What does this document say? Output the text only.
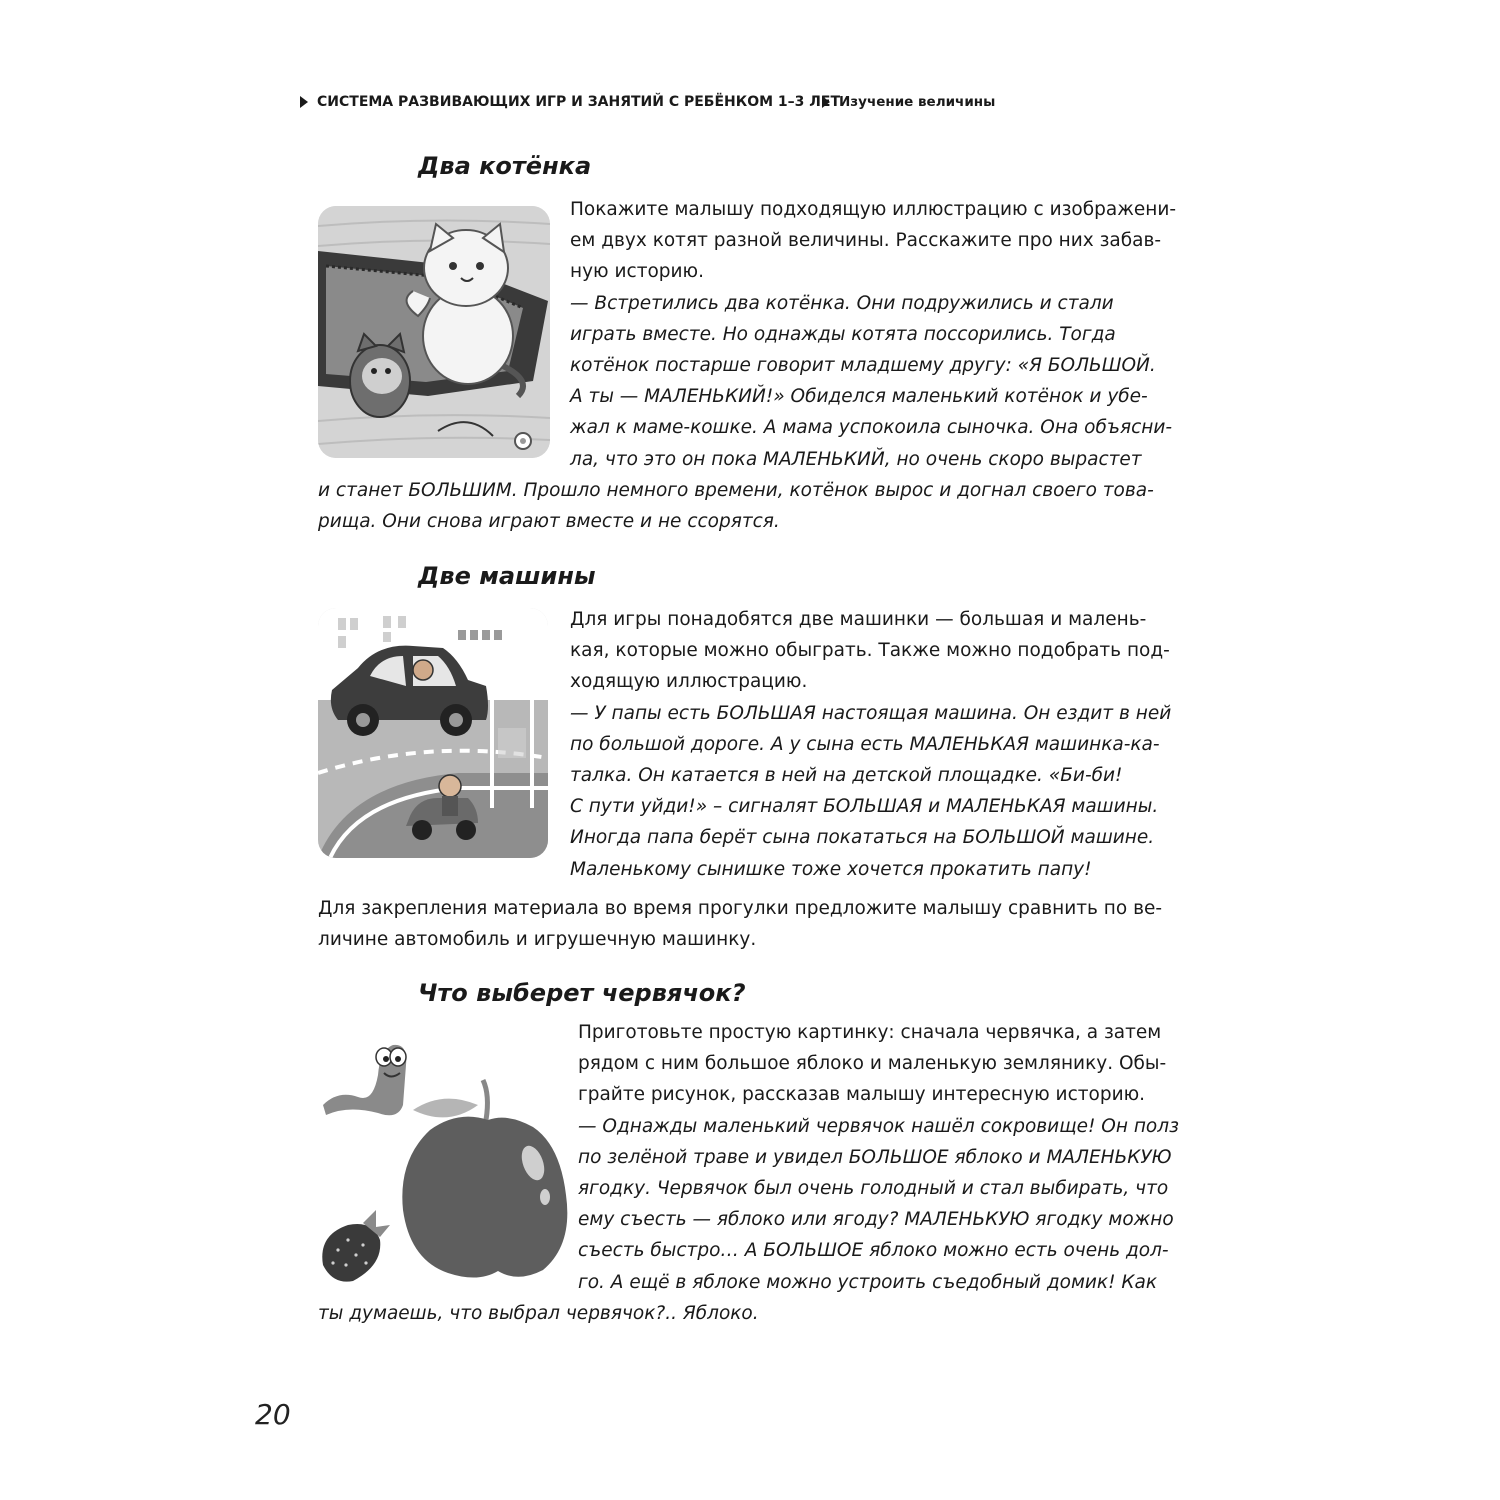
СИСТЕМА РАЗВИВАЮЩИХ ИГР И ЗАНЯТИЙ С РЕБЁНКОМ 1–3 ЛЕТ
Изучение величины
Два котёнка

Покажите малышу подходящую иллюстрацию с изображени-
ем двух котят разной величины. Расскажите про них забав-
ную историю.

— Встретились два котёнка. Они подружились и стали
играть вместе. Но однажды котята поссорились. Тогда
котёнок постарше говорит младшему другу: «Я БОЛЬШОЙ.
А ты — МАЛЕНЬКИЙ!» Обиделся маленький котёнок и убе-
жал к маме-кошке. А мама успокоила сыночка. Она объясни-
ла, что это он пока МАЛЕНЬКИЙ, но очень скоро вырастет

и станет БОЛЬШИМ. Прошло немного времени, котёнок вырос и догнал своего това-
рища. Они снова играют вместе и не ссорятся.

Две машины

Для игры понадобятся две машинки — большая и малень-
кая, которые можно обыграть. Также можно подобрать под-
ходящую иллюстрацию.

— У папы есть БОЛЬШАЯ настоящая машина. Он ездит в ней
по большой дороге. А у сына есть МАЛЕНЬКАЯ машинка-ка-
талка. Он катается в ней на детской площадке. «Би-би!
С пути уйди!» – сигналят БОЛЬШАЯ и МАЛЕНЬКАЯ машины.
Иногда папа берёт сына покататься на БОЛЬШОЙ машине.
Маленькому сынишке тоже хочется прокатить папу!

Для закрепления материала во время прогулки предложите малышу сравнить по ве-
личине автомобиль и игрушечную машинку.

Что выберет червячок?

Приготовьте простую картинку: сначала червячка, а затем
рядом с ним большое яблоко и маленькую землянику. Обы-
грайте рисунок, рассказав малышу интересную историю.

— Однажды маленький червячок нашёл сокровище! Он полз
по зелёной траве и увидел БОЛЬШОЕ яблоко и МАЛЕНЬКУЮ
ягодку. Червячок был очень голодный и стал выбирать, что
ему съесть — яблоко или ягоду? МАЛЕНЬКУЮ ягодку можно
съесть быстро… А БОЛЬШОЕ яблоко можно есть очень дол-
го. А ещё в яблоке можно устроить съедобный домик! Как

ты думаешь, что выбрал червячок?.. Яблоко.

20
